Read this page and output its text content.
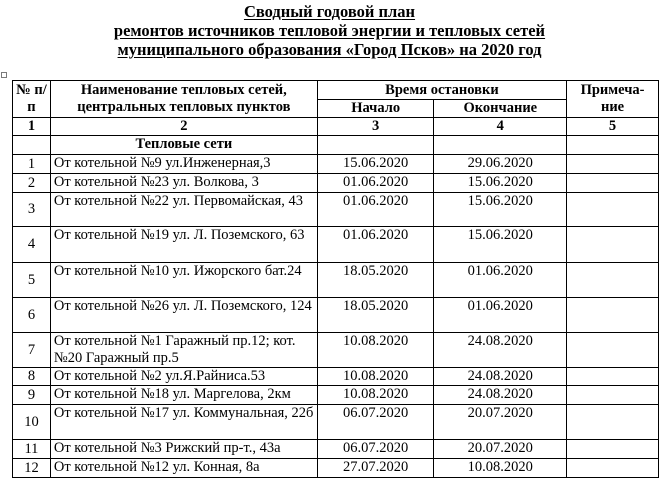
Сводный годовой план
ремонтов источников тепловой энергии и тепловых сетей
муниципального образования «Город Псков» на 2020 год
№ п/п	Наименование тепловых сетей, центральных тепловых пунктов	Время остановки		Примеча-ние
		Начало	Окончание	
1	2	3	4	5
	Тепловые сети			
1	От котельной №9 ул.Инженерная,3	15.06.2020	29.06.2020	
2	От котельной №23 ул. Волкова, 3	01.06.2020	15.06.2020	
3	От котельной №22 ул. Первомайская, 43	01.06.2020	15.06.2020	
4	От котельной №19 ул. Л. Поземского, 63	01.06.2020	15.06.2020	
5	От котельной №10 ул. Ижорского бат.24	18.05.2020	01.06.2020	
6	От котельной №26 ул. Л. Поземского, 124	18.05.2020	01.06.2020	
7	От котельной №1 Гаражный пр.12; кот. №20 Гаражный пр.5	10.08.2020	24.08.2020	
8	От котельной №2 ул.Я.Райниса.53	10.08.2020	24.08.2020	
9	От котельной №18 ул. Маргелова, 2км	10.08.2020	24.08.2020	
10	От котельной №17 ул. Коммунальная, 22б	06.07.2020	20.07.2020	
11	От котельной №3 Рижский пр-т., 43а	06.07.2020	20.07.2020	
12	От котельной №12 ул. Конная, 8а	27.07.2020	10.08.2020	
